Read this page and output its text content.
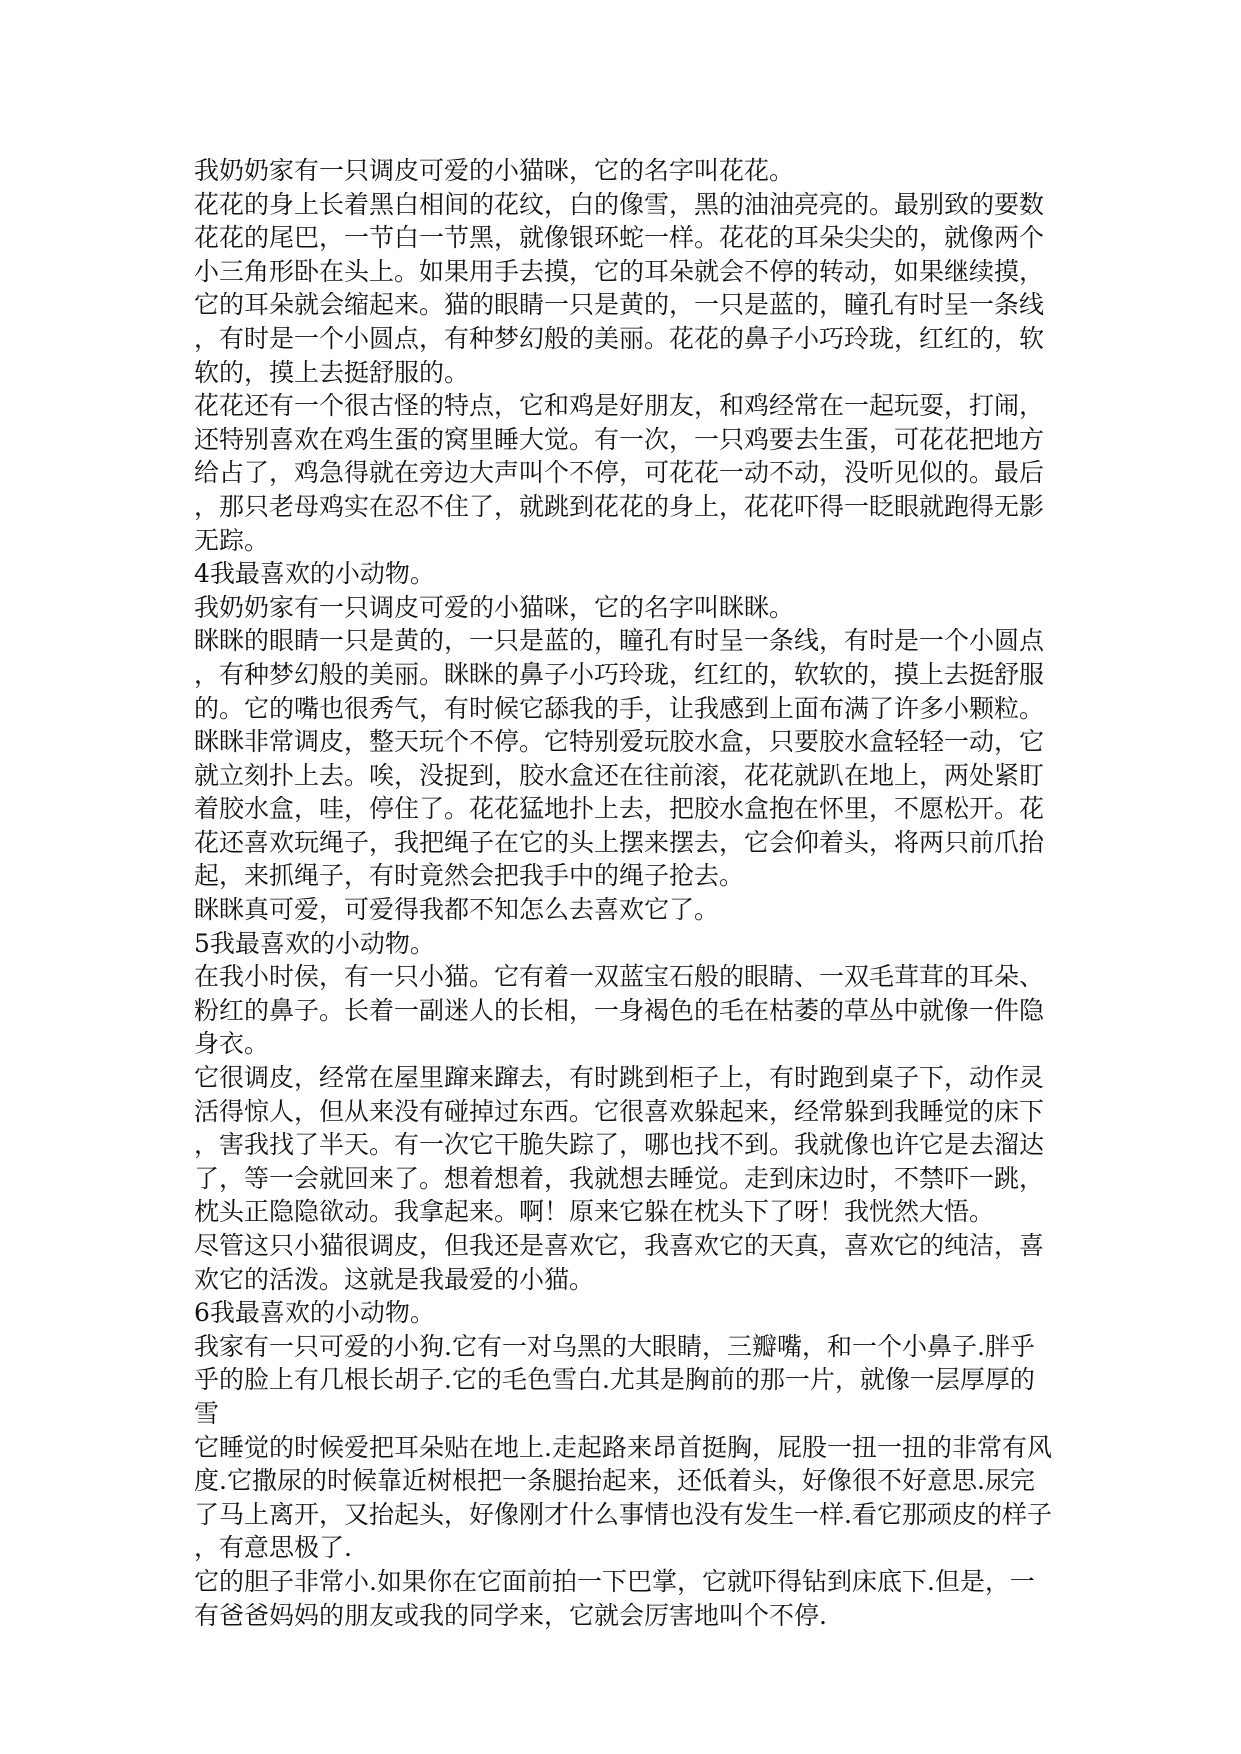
我奶奶家有一只调皮可爱的小猫咪，它的名字叫花花。
花花的身上长着黑白相间的花纹，白的像雪，黑的油油亮亮的。最别致的要数
花花的尾巴，一节白一节黑，就像银环蛇一样。花花的耳朵尖尖的，就像两个
小三角形卧在头上。如果用手去摸，它的耳朵就会不停的转动，如果继续摸，
它的耳朵就会缩起来。猫的眼睛一只是黄的，一只是蓝的，瞳孔有时呈一条线
，有时是一个小圆点，有种梦幻般的美丽。花花的鼻子小巧玲珑，红红的，软
软的，摸上去挺舒服的。
花花还有一个很古怪的特点，它和鸡是好朋友，和鸡经常在一起玩耍，打闹，
还特别喜欢在鸡生蛋的窝里睡大觉。有一次，一只鸡要去生蛋，可花花把地方
给占了，鸡急得就在旁边大声叫个不停，可花花一动不动，没听见似的。最后
，那只老母鸡实在忍不住了，就跳到花花的身上，花花吓得一眨眼就跑得无影
无踪。
4我最喜欢的小动物。
我奶奶家有一只调皮可爱的小猫咪，它的名字叫眯眯。
眯眯的眼睛一只是黄的，一只是蓝的，瞳孔有时呈一条线，有时是一个小圆点
，有种梦幻般的美丽。眯眯的鼻子小巧玲珑，红红的，软软的，摸上去挺舒服
的。它的嘴也很秀气，有时候它舔我的手，让我感到上面布满了许多小颗粒。
眯眯非常调皮，整天玩个不停。它特别爱玩胶水盒，只要胶水盒轻轻一动，它
就立刻扑上去。唉，没捉到，胶水盒还在往前滚，花花就趴在地上，两处紧盯
着胶水盒，哇，停住了。花花猛地扑上去，把胶水盒抱在怀里，不愿松开。花
花还喜欢玩绳子，我把绳子在它的头上摆来摆去，它会仰着头，将两只前爪抬
起，来抓绳子，有时竟然会把我手中的绳子抢去。
眯眯真可爱，可爱得我都不知怎么去喜欢它了。
5我最喜欢的小动物。
在我小时侯，有一只小猫。它有着一双蓝宝石般的眼睛、一双毛茸茸的耳朵、
粉红的鼻子。长着一副迷人的长相，一身褐色的毛在枯萎的草丛中就像一件隐
身衣。
它很调皮，经常在屋里蹿来蹿去，有时跳到柜子上，有时跑到桌子下，动作灵
活得惊人，但从来没有碰掉过东西。它很喜欢躲起来，经常躲到我睡觉的床下
，害我找了半天。有一次它干脆失踪了，哪也找不到。我就像也许它是去溜达
了，等一会就回来了。想着想着，我就想去睡觉。走到床边时，不禁吓一跳，
枕头正隐隐欲动。我拿起来。啊！原来它躲在枕头下了呀！我恍然大悟。
尽管这只小猫很调皮，但我还是喜欢它，我喜欢它的天真，喜欢它的纯洁，喜
欢它的活泼。这就是我最爱的小猫。
6我最喜欢的小动物。
我家有一只可爱的小狗.它有一对乌黑的大眼睛，三瓣嘴，和一个小鼻子.胖乎
乎的脸上有几根长胡子.它的毛色雪白.尤其是胸前的那一片，就像一层厚厚的
雪
它睡觉的时候爱把耳朵贴在地上.走起路来昂首挺胸，屁股一扭一扭的非常有风
度.它撒尿的时候靠近树根把一条腿抬起来，还低着头，好像很不好意思.尿完
了马上离开，又抬起头，好像刚才什么事情也没有发生一样.看它那顽皮的样子
，有意思极了.
它的胆子非常小.如果你在它面前拍一下巴掌，它就吓得钻到床底下.但是，一
有爸爸妈妈的朋友或我的同学来，它就会厉害地叫个不停.
